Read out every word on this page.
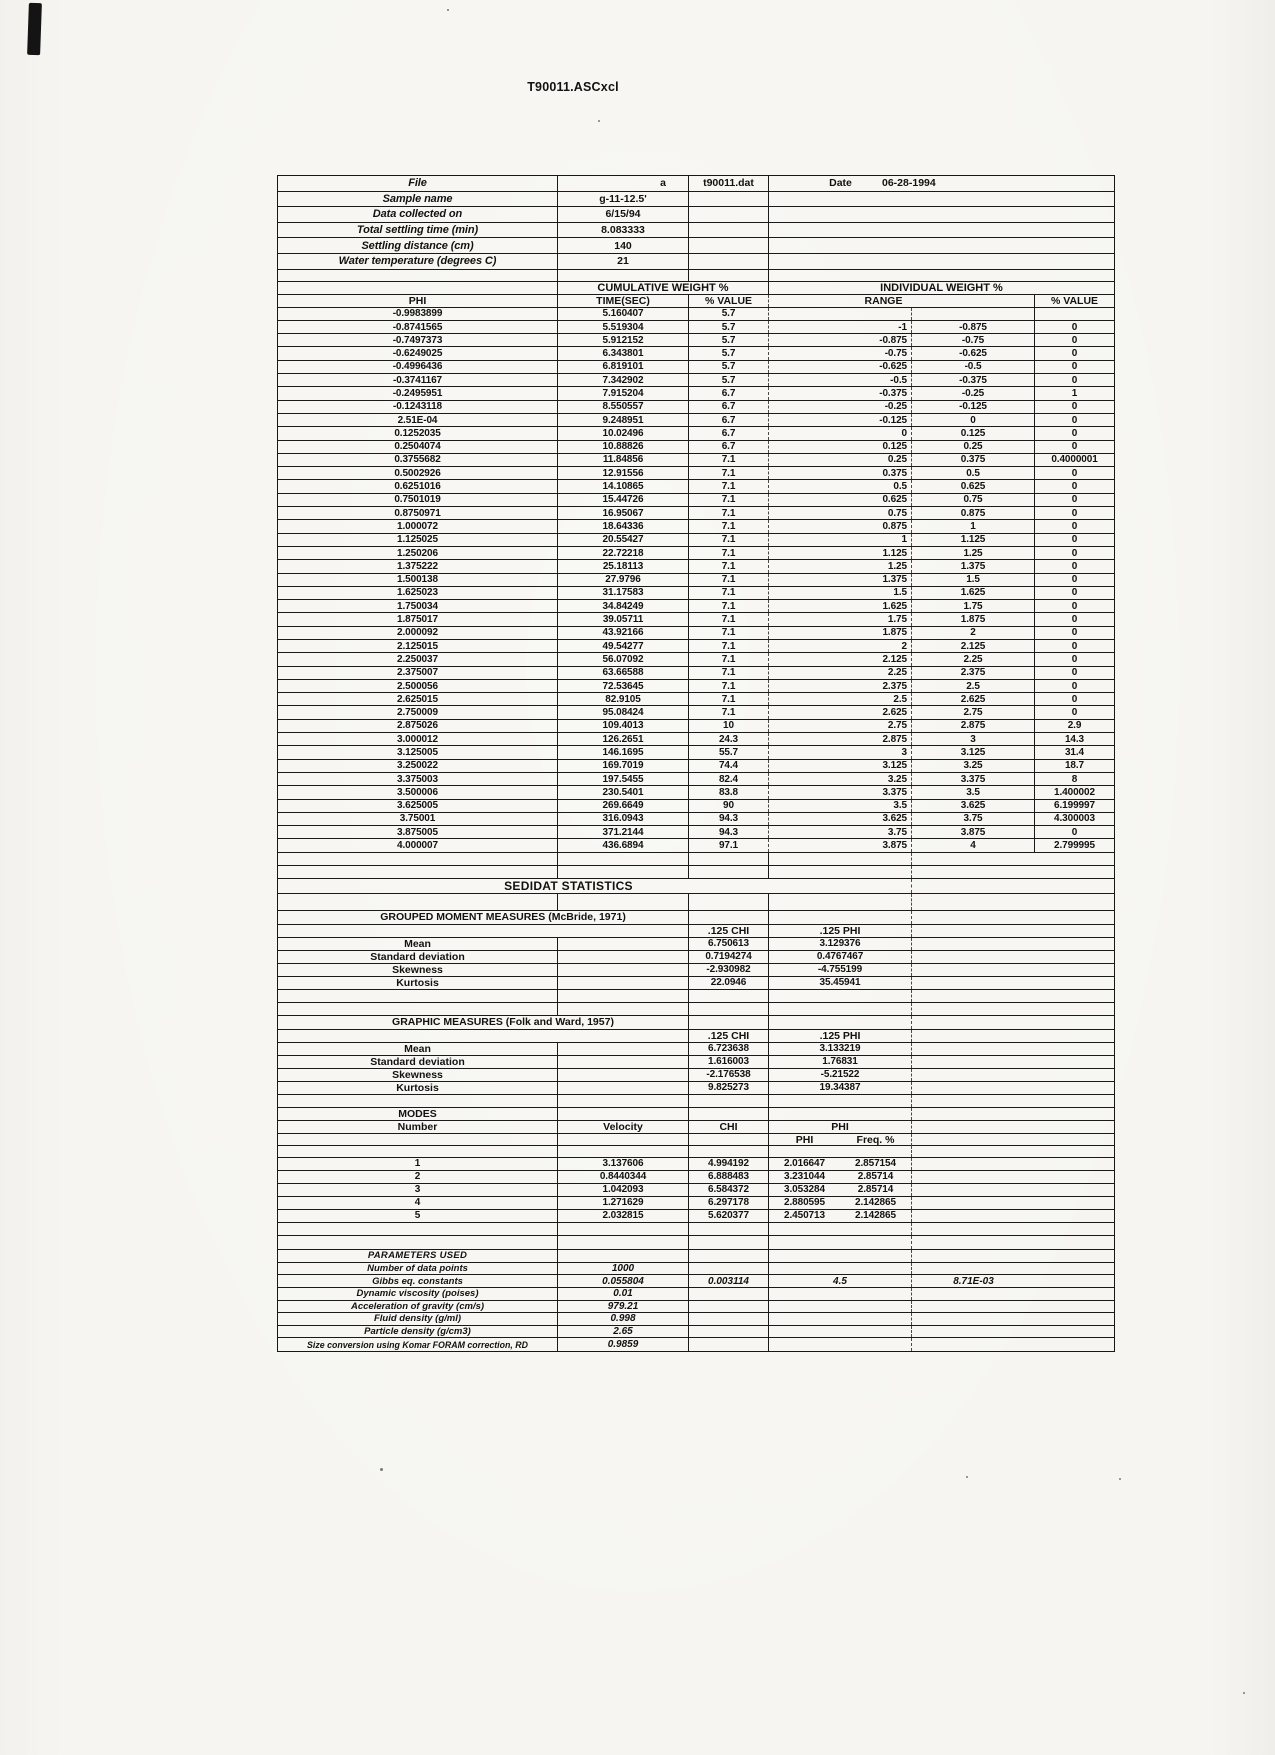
T90011.ASCxcl
File	a	t90011.dat	Date	06-28-1994
Sample name	g-11-12.5'
Data collected on	6/15/94
Total settling time (min)	8.083333
Settling distance (cm)	140
Water temperature (degrees C)	21
CUMULATIVE WEIGHT %	INDIVIDUAL WEIGHT %
PHI	TIME(SEC)	% VALUE	RANGE	% VALUE
-0.9983899	5.160407	5.7
-0.8741565	5.519304	5.7	-1	-0.875	0
-0.7497373	5.912152	5.7	-0.875	-0.75	0
-0.6249025	6.343801	5.7	-0.75	-0.625	0
-0.4996436	6.819101	5.7	-0.625	-0.5	0
-0.3741167	7.342902	5.7	-0.5	-0.375	0
-0.2495951	7.915204	6.7	-0.375	-0.25	1
-0.1243118	8.550557	6.7	-0.25	-0.125	0
2.51E-04	9.248951	6.7	-0.125	0	0
0.1252035	10.02496	6.7	0	0.125	0
0.2504074	10.88826	6.7	0.125	0.25	0
0.3755682	11.84856	7.1	0.25	0.375	0.4000001
0.5002926	12.91556	7.1	0.375	0.5	0
0.6251016	14.10865	7.1	0.5	0.625	0
0.7501019	15.44726	7.1	0.625	0.75	0
0.8750971	16.95067	7.1	0.75	0.875	0
1.000072	18.64336	7.1	0.875	1	0
1.125025	20.55427	7.1	1	1.125	0
1.250206	22.72218	7.1	1.125	1.25	0
1.375222	25.18113	7.1	1.25	1.375	0
1.500138	27.9796	7.1	1.375	1.5	0
1.625023	31.17583	7.1	1.5	1.625	0
1.750034	34.84249	7.1	1.625	1.75	0
1.875017	39.05711	7.1	1.75	1.875	0
2.000092	43.92166	7.1	1.875	2	0
2.125015	49.54277	7.1	2	2.125	0
2.250037	56.07092	7.1	2.125	2.25	0
2.375007	63.66588	7.1	2.25	2.375	0
2.500056	72.53645	7.1	2.375	2.5	0
2.625015	82.9105	7.1	2.5	2.625	0
2.750009	95.08424	7.1	2.625	2.75	0
2.875026	109.4013	10	2.75	2.875	2.9
3.000012	126.2651	24.3	2.875	3	14.3
3.125005	146.1695	55.7	3	3.125	31.4
3.250022	169.7019	74.4	3.125	3.25	18.7
3.375003	197.5455	82.4	3.25	3.375	8
3.500006	230.5401	83.8	3.375	3.5	1.400002
3.625005	269.6649	90	3.5	3.625	6.199997
3.75001	316.0943	94.3	3.625	3.75	4.300003
3.875005	371.2144	94.3	3.75	3.875	0
4.000007	436.6894	97.1	3.875	4	2.799995
SEDIDAT STATISTICS
GROUPED MOMENT MEASURES (McBride, 1971)
.125 CHI	.125 PHI
Mean	6.750613	3.129376
Standard deviation	0.7194274	0.4767467
Skewness	-2.930982	-4.755199
Kurtosis	22.0946	35.45941
GRAPHIC MEASURES (Folk and Ward, 1957)
.125 CHI	.125 PHI
Mean	6.723638	3.133219
Standard deviation	1.616003	1.76831
Skewness	-2.176538	-5.21522
Kurtosis	9.825273	19.34387
MODES
Number	Velocity	CHI	PHI
PHI	Freq. %
1	3.137606	4.994192	2.016647	2.857154
2	0.8440344	6.888483	3.231044	2.85714
3	1.042093	6.584372	3.053284	2.85714
4	1.271629	6.297178	2.880595	2.142865
5	2.032815	5.620377	2.450713	2.142865
PARAMETERS USED
Number of data points	1000
Gibbs eq. constants	0.055804	0.003114	4.5	8.71E-03
Dynamic viscosity (poises)	0.01
Acceleration of gravity (cm/s)	979.21
Fluid density (g/ml)	0.998
Particle density (g/cm3)	2.65
Size conversion using Komar FORAM correction, RD	0.9859
